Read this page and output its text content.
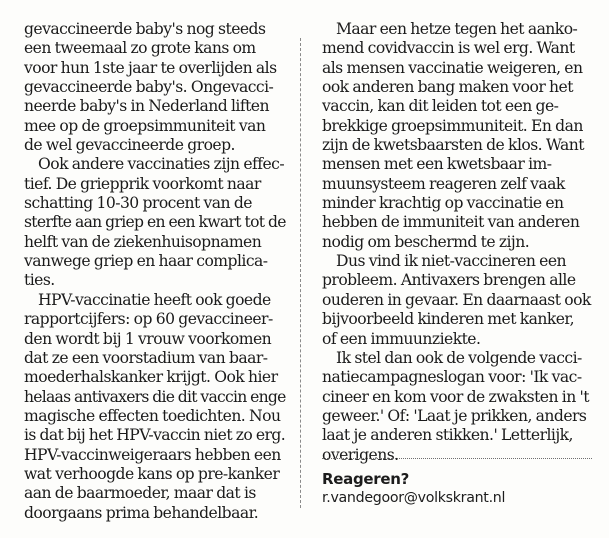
gevaccineerde baby's nog steeds
een tweemaal zo grote kans om
voor hun 1ste jaar te overlijden als
gevaccineerde baby's. Ongevacci-
neerde baby's in Nederland liften
mee op de groepsimmuniteit van
de wel gevaccineerde groep.
Ook andere vaccinaties zijn effec-
tief. De griepprik voorkomt naar
schatting 10-30 procent van de
sterfte aan griep en een kwart tot de
helft van de ziekenhuisopnamen
vanwege griep en haar complica-
ties.
HPV-vaccinatie heeft ook goede
rapportcijfers: op 60 gevaccineer-
den wordt bij 1 vrouw voorkomen
dat ze een voorstadium van baar-
moederhalskanker krijgt. Ook hier
helaas antivaxers die dit vaccin enge
magische effecten toedichten. Nou
is dat bij het HPV-vaccin niet zo erg.
HPV-vaccinweigeraars hebben een
wat verhoogde kans op pre-kanker
aan de baarmoeder, maar dat is
doorgaans prima behandelbaar.
Maar een hetze tegen het aanko-
mend covidvaccin is wel erg. Want
als mensen vaccinatie weigeren, en
ook anderen bang maken voor het
vaccin, kan dit leiden tot een ge-
brekkige groepsimmuniteit. En dan
zijn de kwetsbaarsten de klos. Want
mensen met een kwetsbaar im-
muunsysteem reageren zelf vaak
minder krachtig op vaccinatie en
hebben de immuniteit van anderen
nodig om beschermd te zijn.
Dus vind ik niet-vaccineren een
probleem. Antivaxers brengen alle
ouderen in gevaar. En daarnaast ook
bijvoorbeeld kinderen met kanker,
of een immuunziekte.
Ik stel dan ook de volgende vacci-
natiecampagneslogan voor: 'Ik vac-
cineer en kom voor de zwaksten in 't
geweer.' Of: 'Laat je prikken, anders
laat je anderen stikken.' Letterlijk,
overigens.
Reageren?
r.vandegoor@volkskrant.nl
